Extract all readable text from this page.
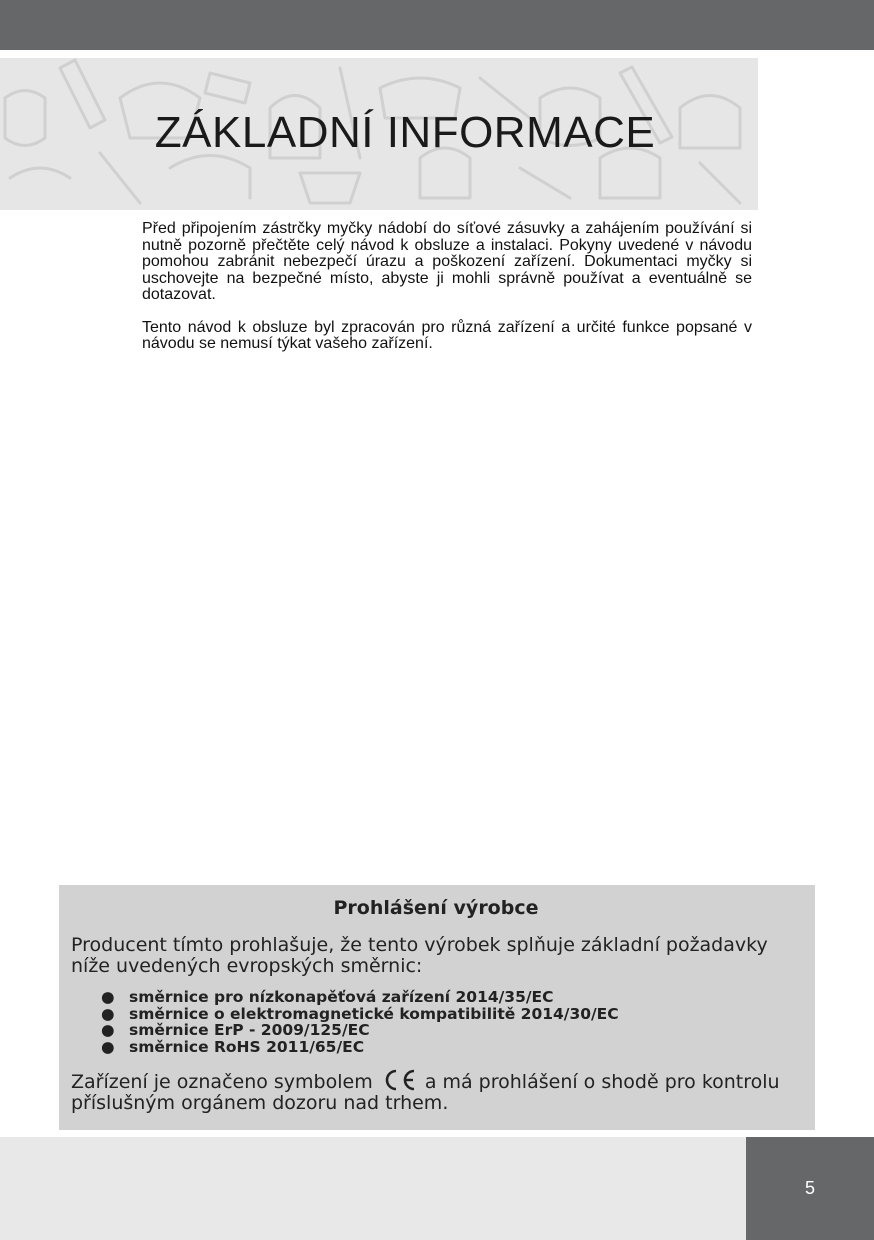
ZÁKLADNÍ INFORMACE

Před připojením zástrčky myčky nádobí do síťové zásuvky a zahájením používání si nutně pozorně přečtěte celý návod k obsluze a instalaci. Pokyny uvedené v návodu pomohou zabránit nebezpečí úrazu a poškození zařízení. Dokumentaci myčky si uschovejte na bezpečné místo, abyste ji mohli správně používat a eventuálně se dotazovat.

Tento návod k obsluze byl zpracován pro různá zařízení a určité funkce popsané v návodu se nemusí týkat vašeho zařízení.

Prohlášení výrobce

Producent tímto prohlašuje, že tento výrobek splňuje základní požadavky níže uvedených evropských směrnic:

● směrnice pro nízkonapěťová zařízení 2014/35/EC
● směrnice o elektromagnetické kompatibilitě 2014/30/EC
● směrnice ErP - 2009/125/EC
● směrnice RoHS 2011/65/EC

Zařízení je označeno symbolem	a má prohlášení o shodě pro kontrolu příslušným orgánem dozoru nad trhem.

5
